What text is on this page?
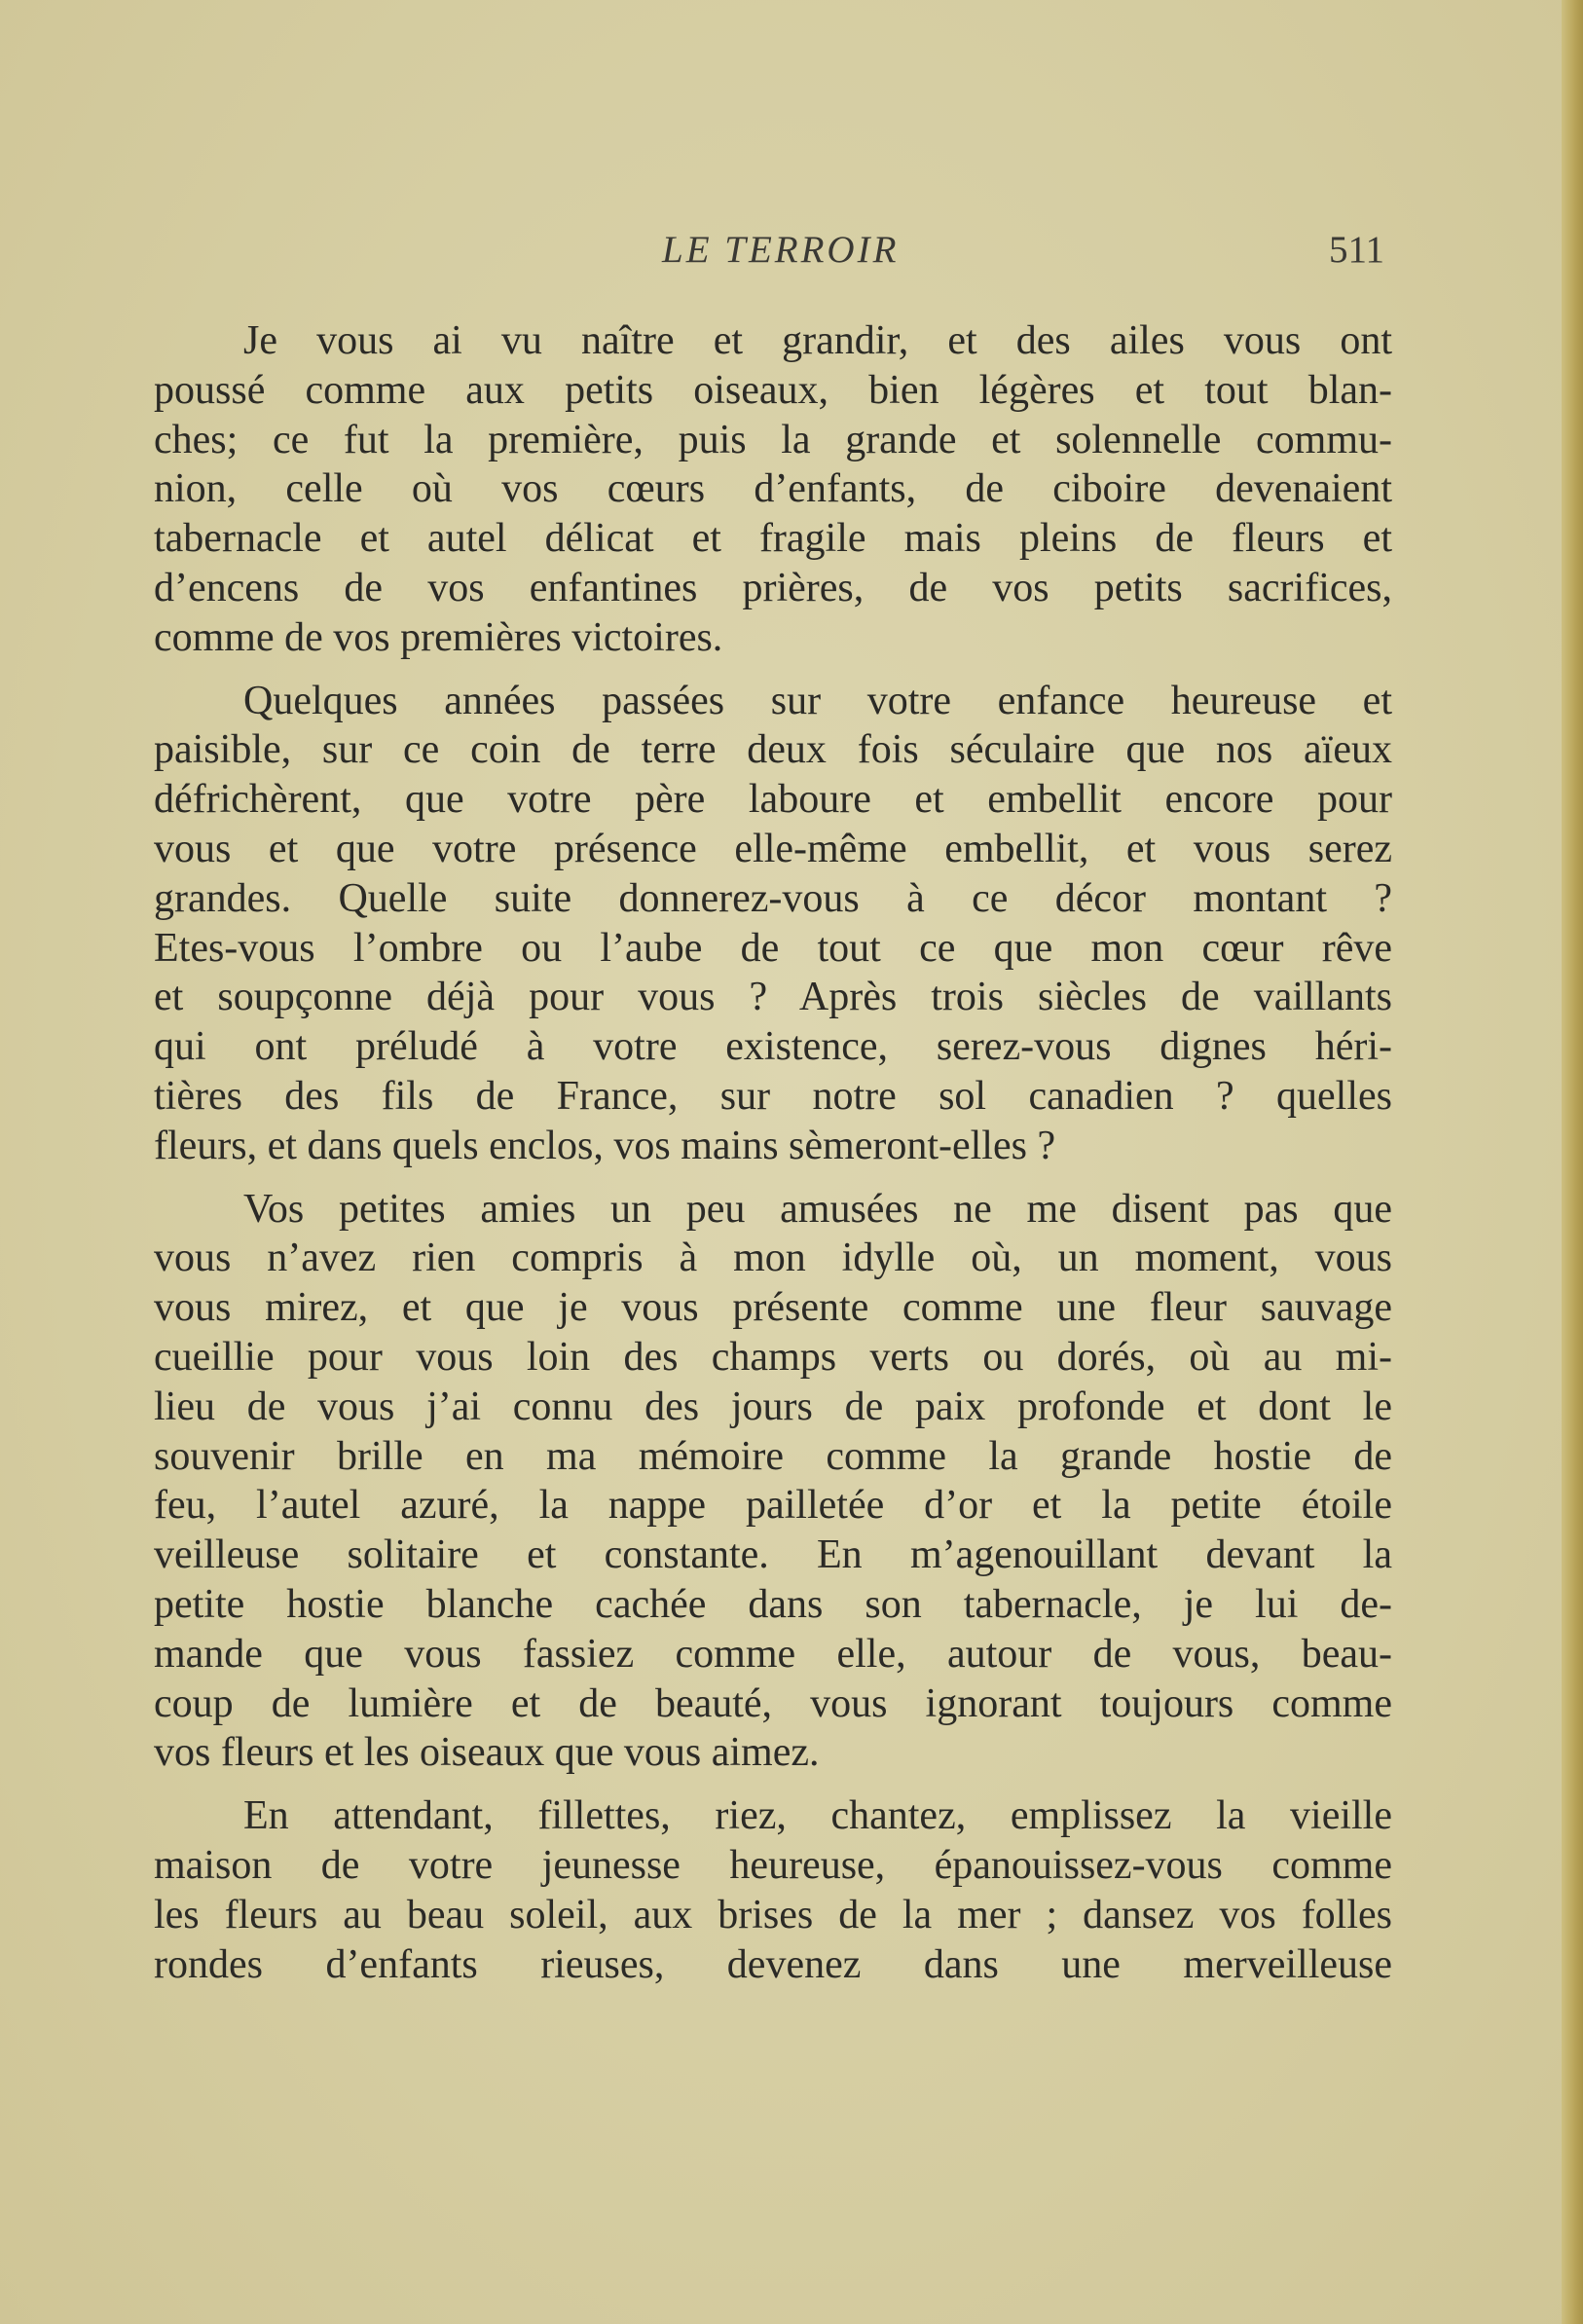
LE TERROIR	511

Je vous ai vu naître et grandir, et des ailes vous ont
poussé comme aux petits oiseaux, bien légères et tout blan-
ches; ce fut la première, puis la grande et solennelle commu-
nion, celle où vos cœurs d’enfants, de ciboire devenaient
tabernacle et autel délicat et fragile mais pleins de fleurs et
d’encens de vos enfantines prières, de vos petits sacrifices,
comme de vos premières victoires.

Quelques années passées sur votre enfance heureuse et
paisible, sur ce coin de terre deux fois séculaire que nos aïeux
défrichèrent, que votre père laboure et embellit encore pour
vous et que votre présence elle-même embellit, et vous serez
grandes. Quelle suite donnerez-vous à ce décor montant ?
Etes-vous l’ombre ou l’aube de tout ce que mon cœur rêve
et soupçonne déjà pour vous ? Après trois siècles de vaillants
qui ont préludé à votre existence, serez-vous dignes héri-
tières des fils de France, sur notre sol canadien ? quelles
fleurs, et dans quels enclos, vos mains sèmeront-elles ?

Vos petites amies un peu amusées ne me disent pas que
vous n’avez rien compris à mon idylle où, un moment, vous
vous mirez, et que je vous présente comme une fleur sauvage
cueillie pour vous loin des champs verts ou dorés, où au mi-
lieu de vous j’ai connu des jours de paix profonde et dont le
souvenir brille en ma mémoire comme la grande hostie de
feu, l’autel azuré, la nappe pailletée d’or et la petite étoile
veilleuse solitaire et constante. En m’agenouillant devant la
petite hostie blanche cachée dans son tabernacle, je lui de-
mande que vous fassiez comme elle, autour de vous, beau-
coup de lumière et de beauté, vous ignorant toujours comme
vos fleurs et les oiseaux que vous aimez.

En attendant, fillettes, riez, chantez, emplissez la vieille
maison de votre jeunesse heureuse, épanouissez-vous comme
les fleurs au beau soleil, aux brises de la mer ; dansez vos folles
rondes d’enfants rieuses, devenez dans une merveilleuse
